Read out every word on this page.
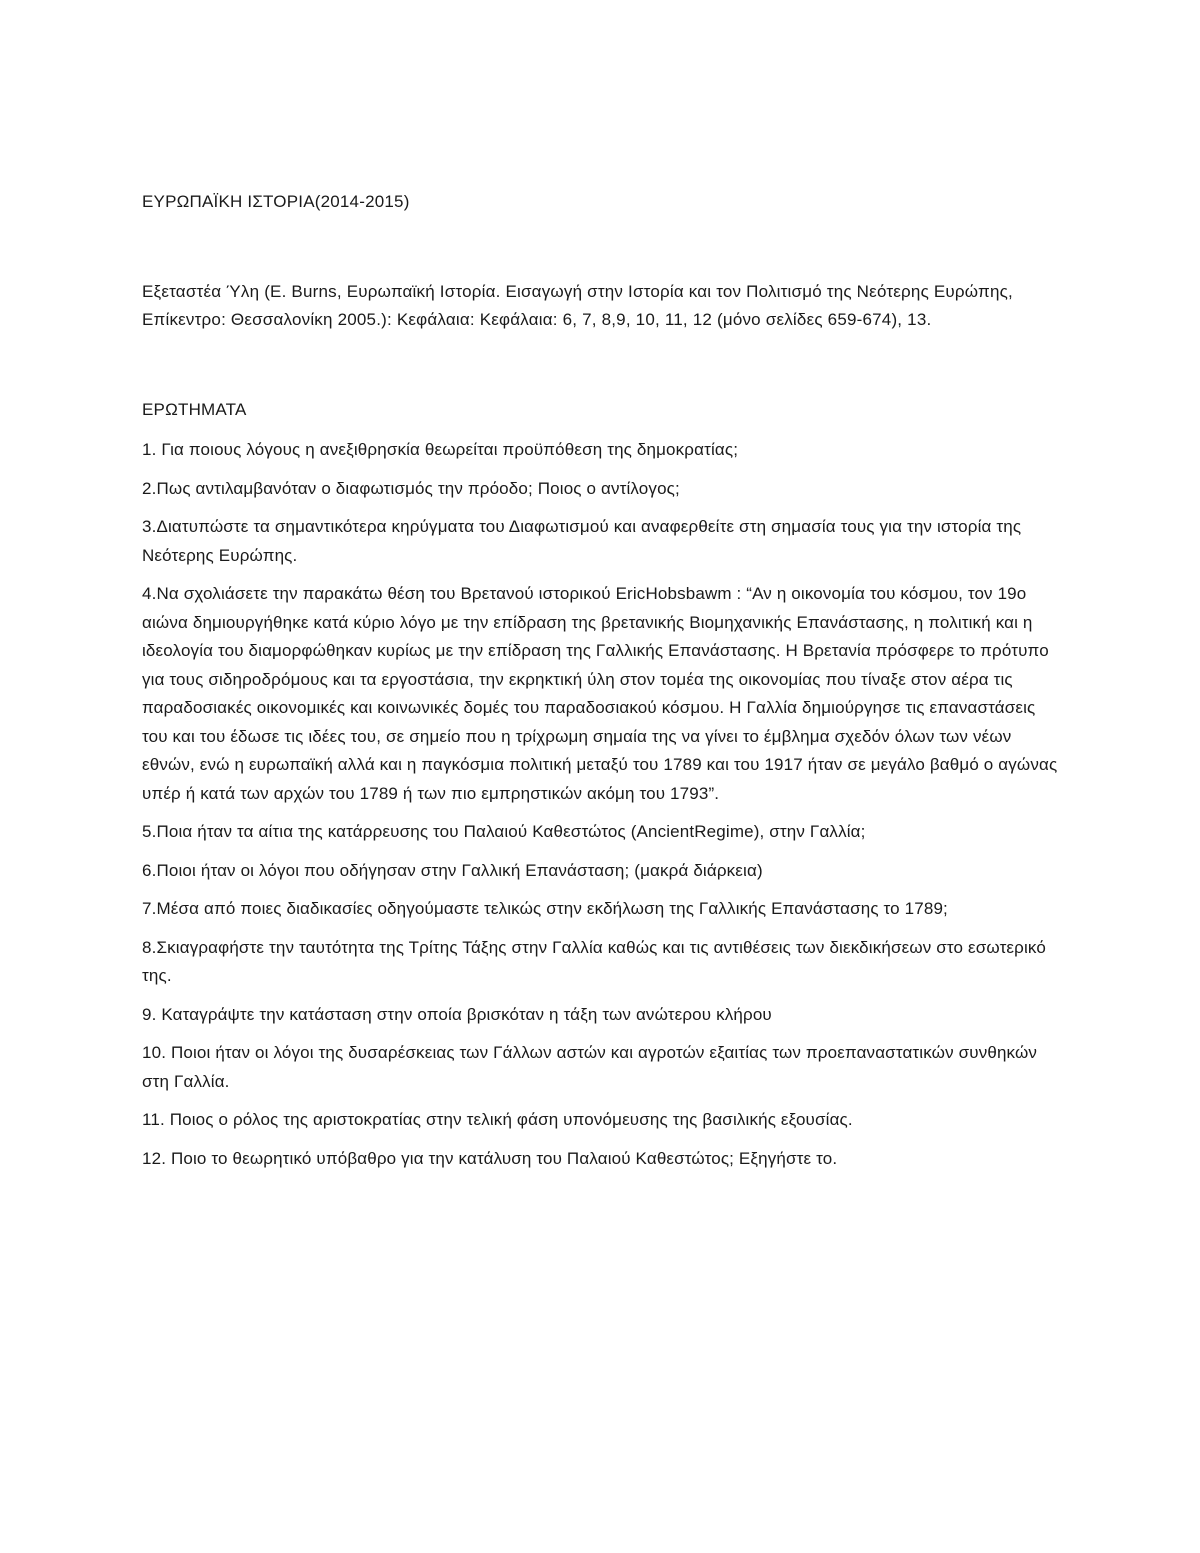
ΕΥΡΩΠΑΪΚΗ ΙΣΤΟΡΙΑ(2014-2015)

Εξεταστέα Ύλη (E. Burns, Ευρωπαϊκή Ιστορία. Εισαγωγή στην Ιστορία και τον Πολιτισμό της Νεότερης Ευρώπης, Επίκεντρο: Θεσσαλονίκη 2005.): Κεφάλαια: Κεφάλαια: 6, 7, 8,9, 10, 11, 12 (μόνο σελίδες 659-674), 13.

ΕΡΩΤΗΜΑΤΑ

1. Για ποιους λόγους η ανεξιθρησκία θεωρείται προϋπόθεση της δημοκρατίας;
2.Πως αντιλαμβανόταν ο διαφωτισμός την πρόοδο; Ποιος ο αντίλογος;
3.Διατυπώστε τα σημαντικότερα κηρύγματα του Διαφωτισμού και αναφερθείτε στη σημασία τους για την ιστορία της Νεότερης Ευρώπης.
4.Να σχολιάσετε την παρακάτω θέση του Βρετανού ιστορικού EricHobsbawm : “Αν η οικονομία του κόσμου, τον 19ο αιώνα δημιουργήθηκε κατά κύριο λόγο με την επίδραση της βρετανικής Βιομηχανικής Επανάστασης, η πολιτική και η ιδεολογία του διαμορφώθηκαν κυρίως με την επίδραση της Γαλλικής Επανάστασης. Η Βρετανία πρόσφερε το πρότυπο για τους σιδηροδρόμους και τα εργοστάσια, την εκρηκτική ύλη στον τομέα της οικονομίας που τίναξε στον αέρα τις παραδοσιακές οικονομικές και κοινωνικές δομές του παραδοσιακού κόσμου. Η Γαλλία δημιούργησε τις επαναστάσεις του και του έδωσε τις ιδέες του, σε σημείο που η τρίχρωμη σημαία της να γίνει το έμβλημα σχεδόν όλων των νέων εθνών, ενώ η ευρωπαϊκή αλλά και η παγκόσμια πολιτική μεταξύ του 1789 και του 1917 ήταν σε μεγάλο βαθμό ο αγώνας υπέρ ή κατά των αρχών του 1789 ή των πιο εμπρηστικών ακόμη του 1793”.
5.Ποια ήταν τα αίτια της κατάρρευσης του Παλαιού Καθεστώτος (AncientRegime), στην Γαλλία;
6.Ποιοι ήταν οι λόγοι που οδήγησαν στην Γαλλική Επανάσταση; (μακρά διάρκεια)
7.Μέσα από ποιες διαδικασίες οδηγούμαστε τελικώς στην εκδήλωση της Γαλλικής Επανάστασης το 1789;
8.Σκιαγραφήστε την ταυτότητα της Τρίτης Τάξης στην Γαλλία καθώς και τις αντιθέσεις των διεκδικήσεων στο εσωτερικό της.
9. Καταγράψτε την κατάσταση στην οποία βρισκόταν η τάξη των ανώτερου κλήρου
10. Ποιοι ήταν οι λόγοι της δυσαρέσκειας των Γάλλων αστών και αγροτών εξαιτίας των προεπαναστατικών συνθηκών στη Γαλλία.
11. Ποιος ο ρόλος της αριστοκρατίας στην τελική φάση υπονόμευσης της βασιλικής εξουσίας.
12. Ποιο το θεωρητικό υπόβαθρο για την κατάλυση του Παλαιού Καθεστώτος; Εξηγήστε το.
